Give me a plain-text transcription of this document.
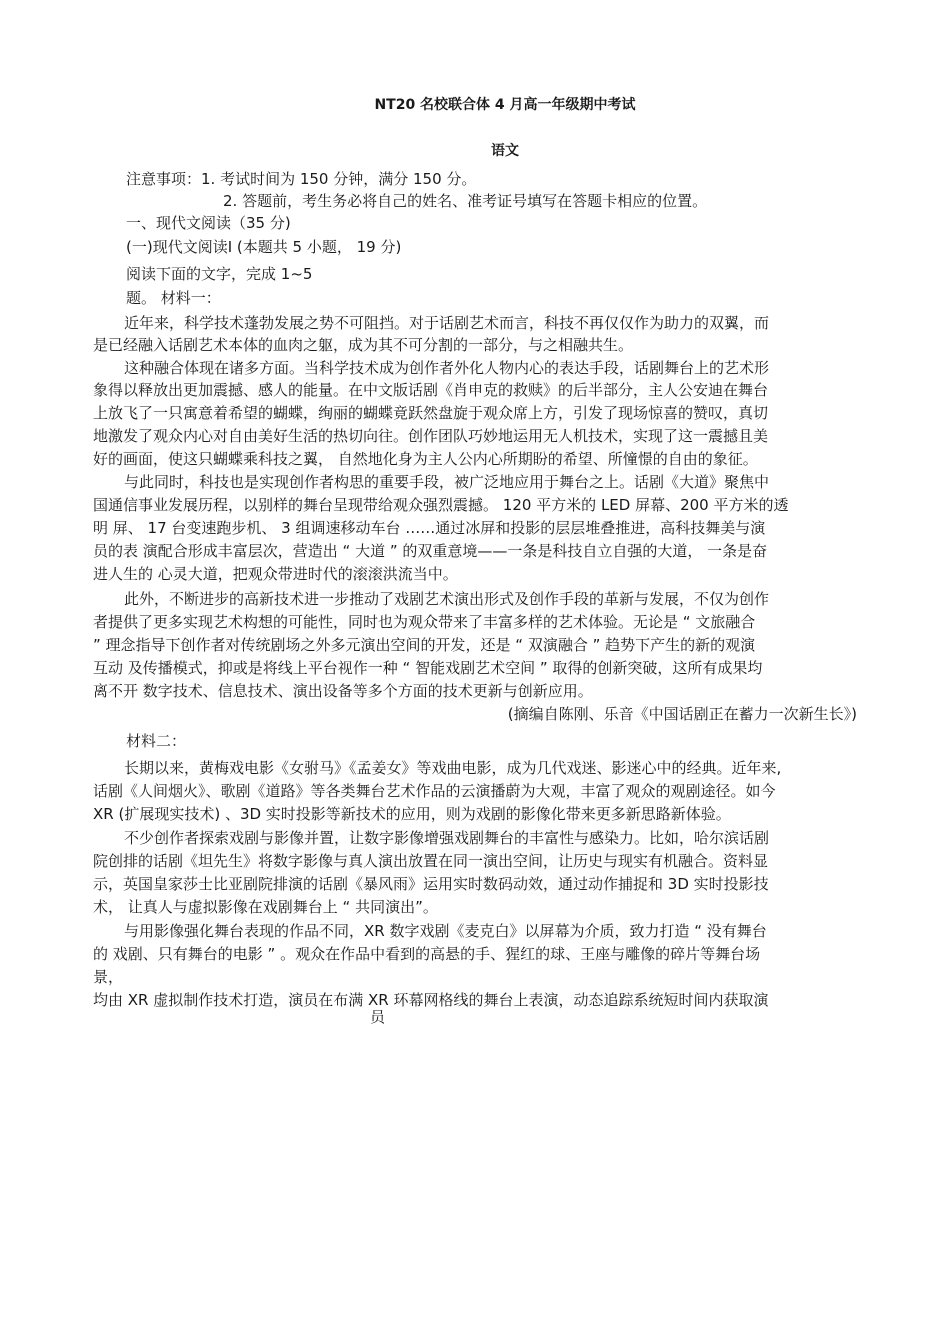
NT20 名校联合体 4 月高一年级期中考试
语文
注意事项：1. 考试时间为 150 分钟，满分 150 分。
2. 答题前，考生务必将自己的姓名、准考证号填写在答题卡相应的位置。
一、现代文阅读（35 分)
(一)现代文阅读Ⅰ (本题共 5 小题， 19 分)
阅读下面的文字，完成 1~5
题。 材料一：
近年来，科学技术蓬勃发展之势不可阻挡。对于话剧艺术而言，科技不再仅仅作为助力的双翼，而
是已经融入话剧艺术本体的血肉之躯，成为其不可分割的一部分，与之相融共生。
这种融合体现在诸多方面。当科学技术成为创作者外化人物内心的表达手段，话剧舞台上的艺术形
象得以释放出更加震撼、感人的能量。在中文版话剧《肖申克的救赎》的后半部分，主人公安迪在舞台
上放飞了一只寓意着希望的蝴蝶，绚丽的蝴蝶竟跃然盘旋于观众席上方，引发了现场惊喜的赞叹，真切
地激发了观众内心对自由美好生活的热切向往。创作团队巧妙地运用无人机技术，实现了这一震撼且美
好的画面，使这只蝴蝶乘科技之翼， 自然地化身为主人公内心所期盼的希望、所憧憬的自由的象征。
与此同时，科技也是实现创作者构思的重要手段，被广泛地应用于舞台之上。话剧《大道》聚焦中
国通信事业发展历程，以别样的舞台呈现带给观众强烈震撼。 120 平方米的 LED 屏幕、200 平方米的透
明 屏、 17 台变速跑步机、 3 组调速移动车台 ……通过冰屏和投影的层层堆叠推进，高科技舞美与演
员的表 演配合形成丰富层次，营造出 “ 大道 ” 的双重意境——一条是科技自立自强的大道， 一条是奋
进人生的 心灵大道，把观众带进时代的滚滚洪流当中。
此外，不断进步的高新技术进一步推动了戏剧艺术演出形式及创作手段的革新与发展，不仅为创作
者提供了更多实现艺术构想的可能性，同时也为观众带来了丰富多样的艺术体验。无论是 “ 文旅融合
” 理念指导下创作者对传统剧场之外多元演出空间的开发，还是 “ 双演融合 ” 趋势下产生的新的观演
互动 及传播模式，抑或是将线上平台视作一种 “ 智能戏剧艺术空间 ” 取得的创新突破，这所有成果均
离不开 数字技术、信息技术、演出设备等多个方面的技术更新与创新应用。
(摘编自陈刚、乐音《中国话剧正在蓄力一次新生长》)
材料二：
长期以来，黄梅戏电影《女驸马》《孟姜女》等戏曲电影，成为几代戏迷、影迷心中的经典。近年来,
话剧《人间烟火》、歌剧《道路》等各类舞台艺术作品的云演播蔚为大观，丰富了观众的观剧途径。如今
XR (扩展现实技术) 、3D 实时投影等新技术的应用，则为戏剧的影像化带来更多新思路新体验。
不少创作者探索戏剧与影像并置，让数字影像增强戏剧舞台的丰富性与感染力。比如，哈尔滨话剧
院创排的话剧《坦先生》将数字影像与真人演出放置在同一演出空间，让历史与现实有机融合。资料显
示，英国皇家莎士比亚剧院排演的话剧《暴风雨》运用实时数码动效，通过动作捕捉和 3D 实时投影技
术， 让真人与虚拟影像在戏剧舞台上 “ 共同演出”。
与用影像强化舞台表现的作品不同，XR 数字戏剧《麦克白》以屏幕为介质，致力打造 “ 没有舞台
的 戏剧、只有舞台的电影 ” 。观众在作品中看到的高悬的手、猩红的球、王座与雕像的碎片等舞台场
景，
均由 XR 虚拟制作技术打造，演员在布满 XR 环幕网格线的舞台上表演，动态追踪系统短时间内获取演
员
